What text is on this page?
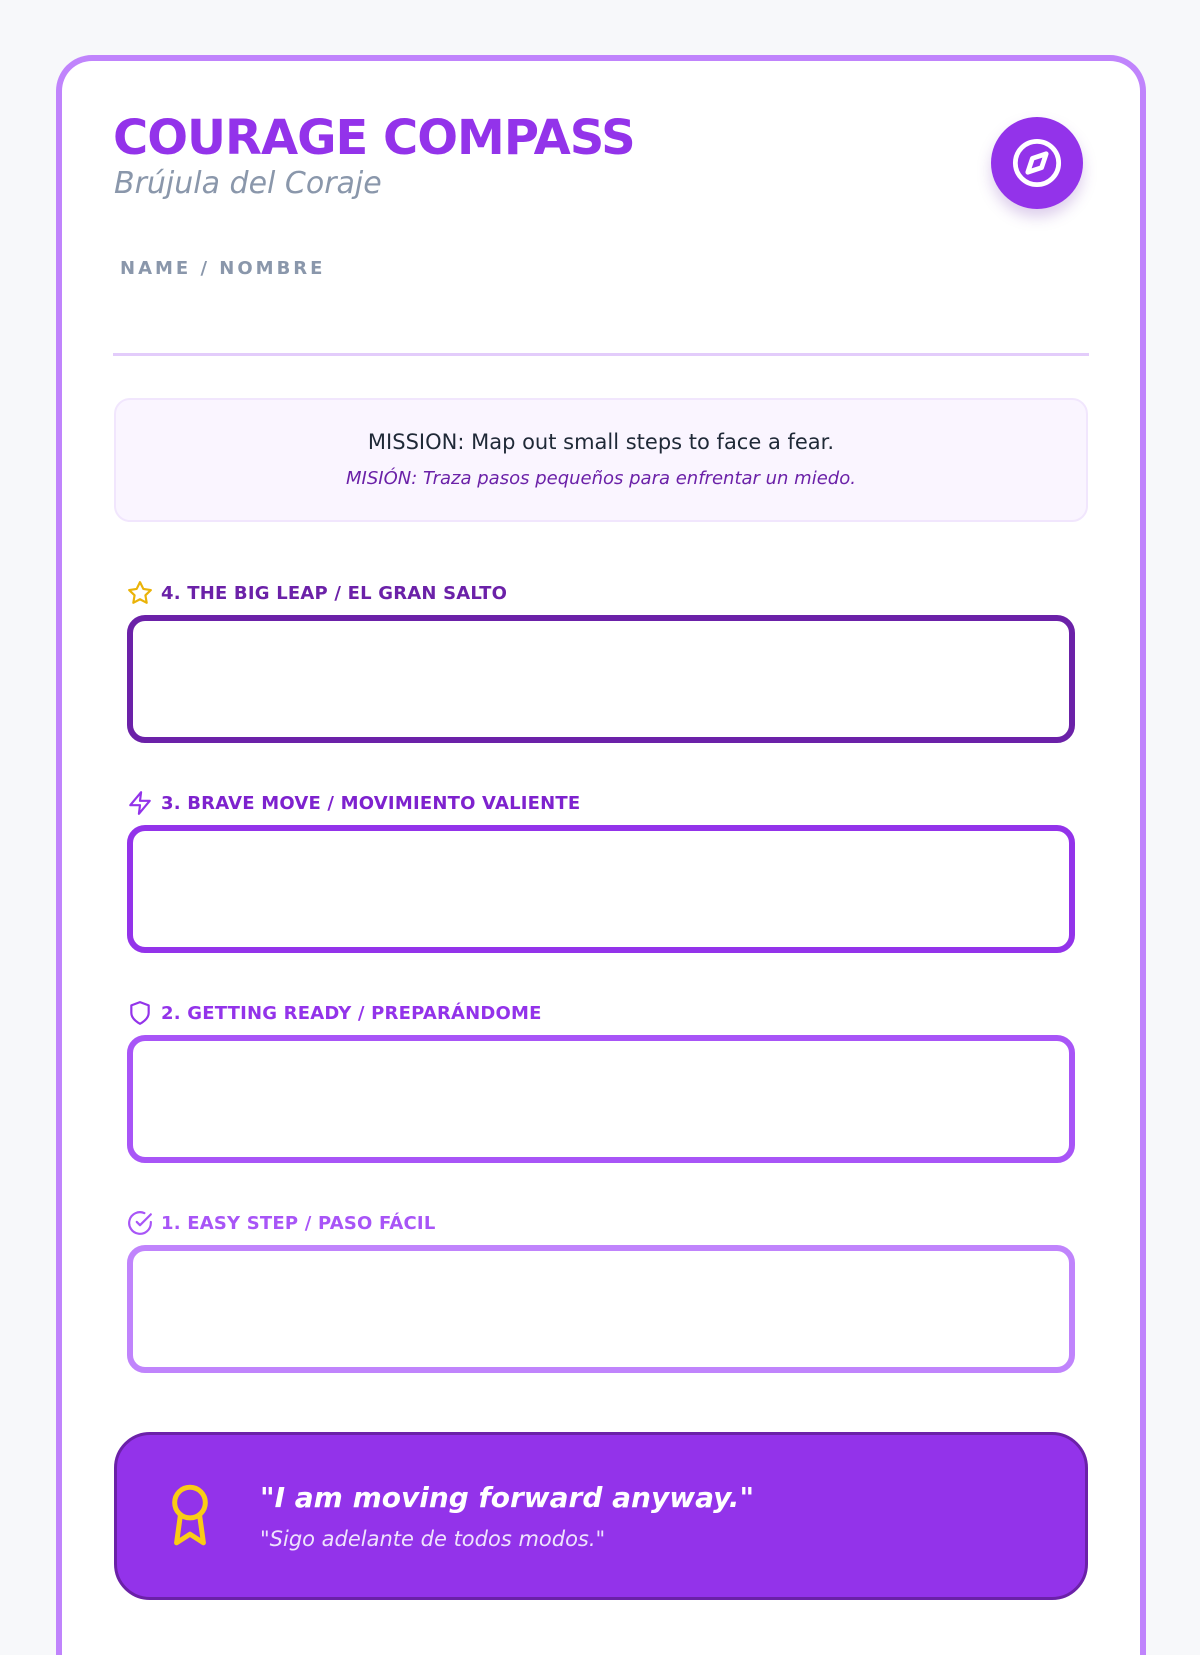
COURAGE COMPASS
Brújula del Coraje
NAME / NOMBRE
MISSION: Map out small steps to face a fear.
MISIÓN: Traza pasos pequeños para enfrentar un miedo.
4. THE BIG LEAP / EL GRAN SALTO
3. BRAVE MOVE / MOVIMIENTO VALIENTE
2. GETTING READY / PREPARÁNDOME
1. EASY STEP / PASO FÁCIL
"I am moving forward anyway."
"Sigo adelante de todos modos."
